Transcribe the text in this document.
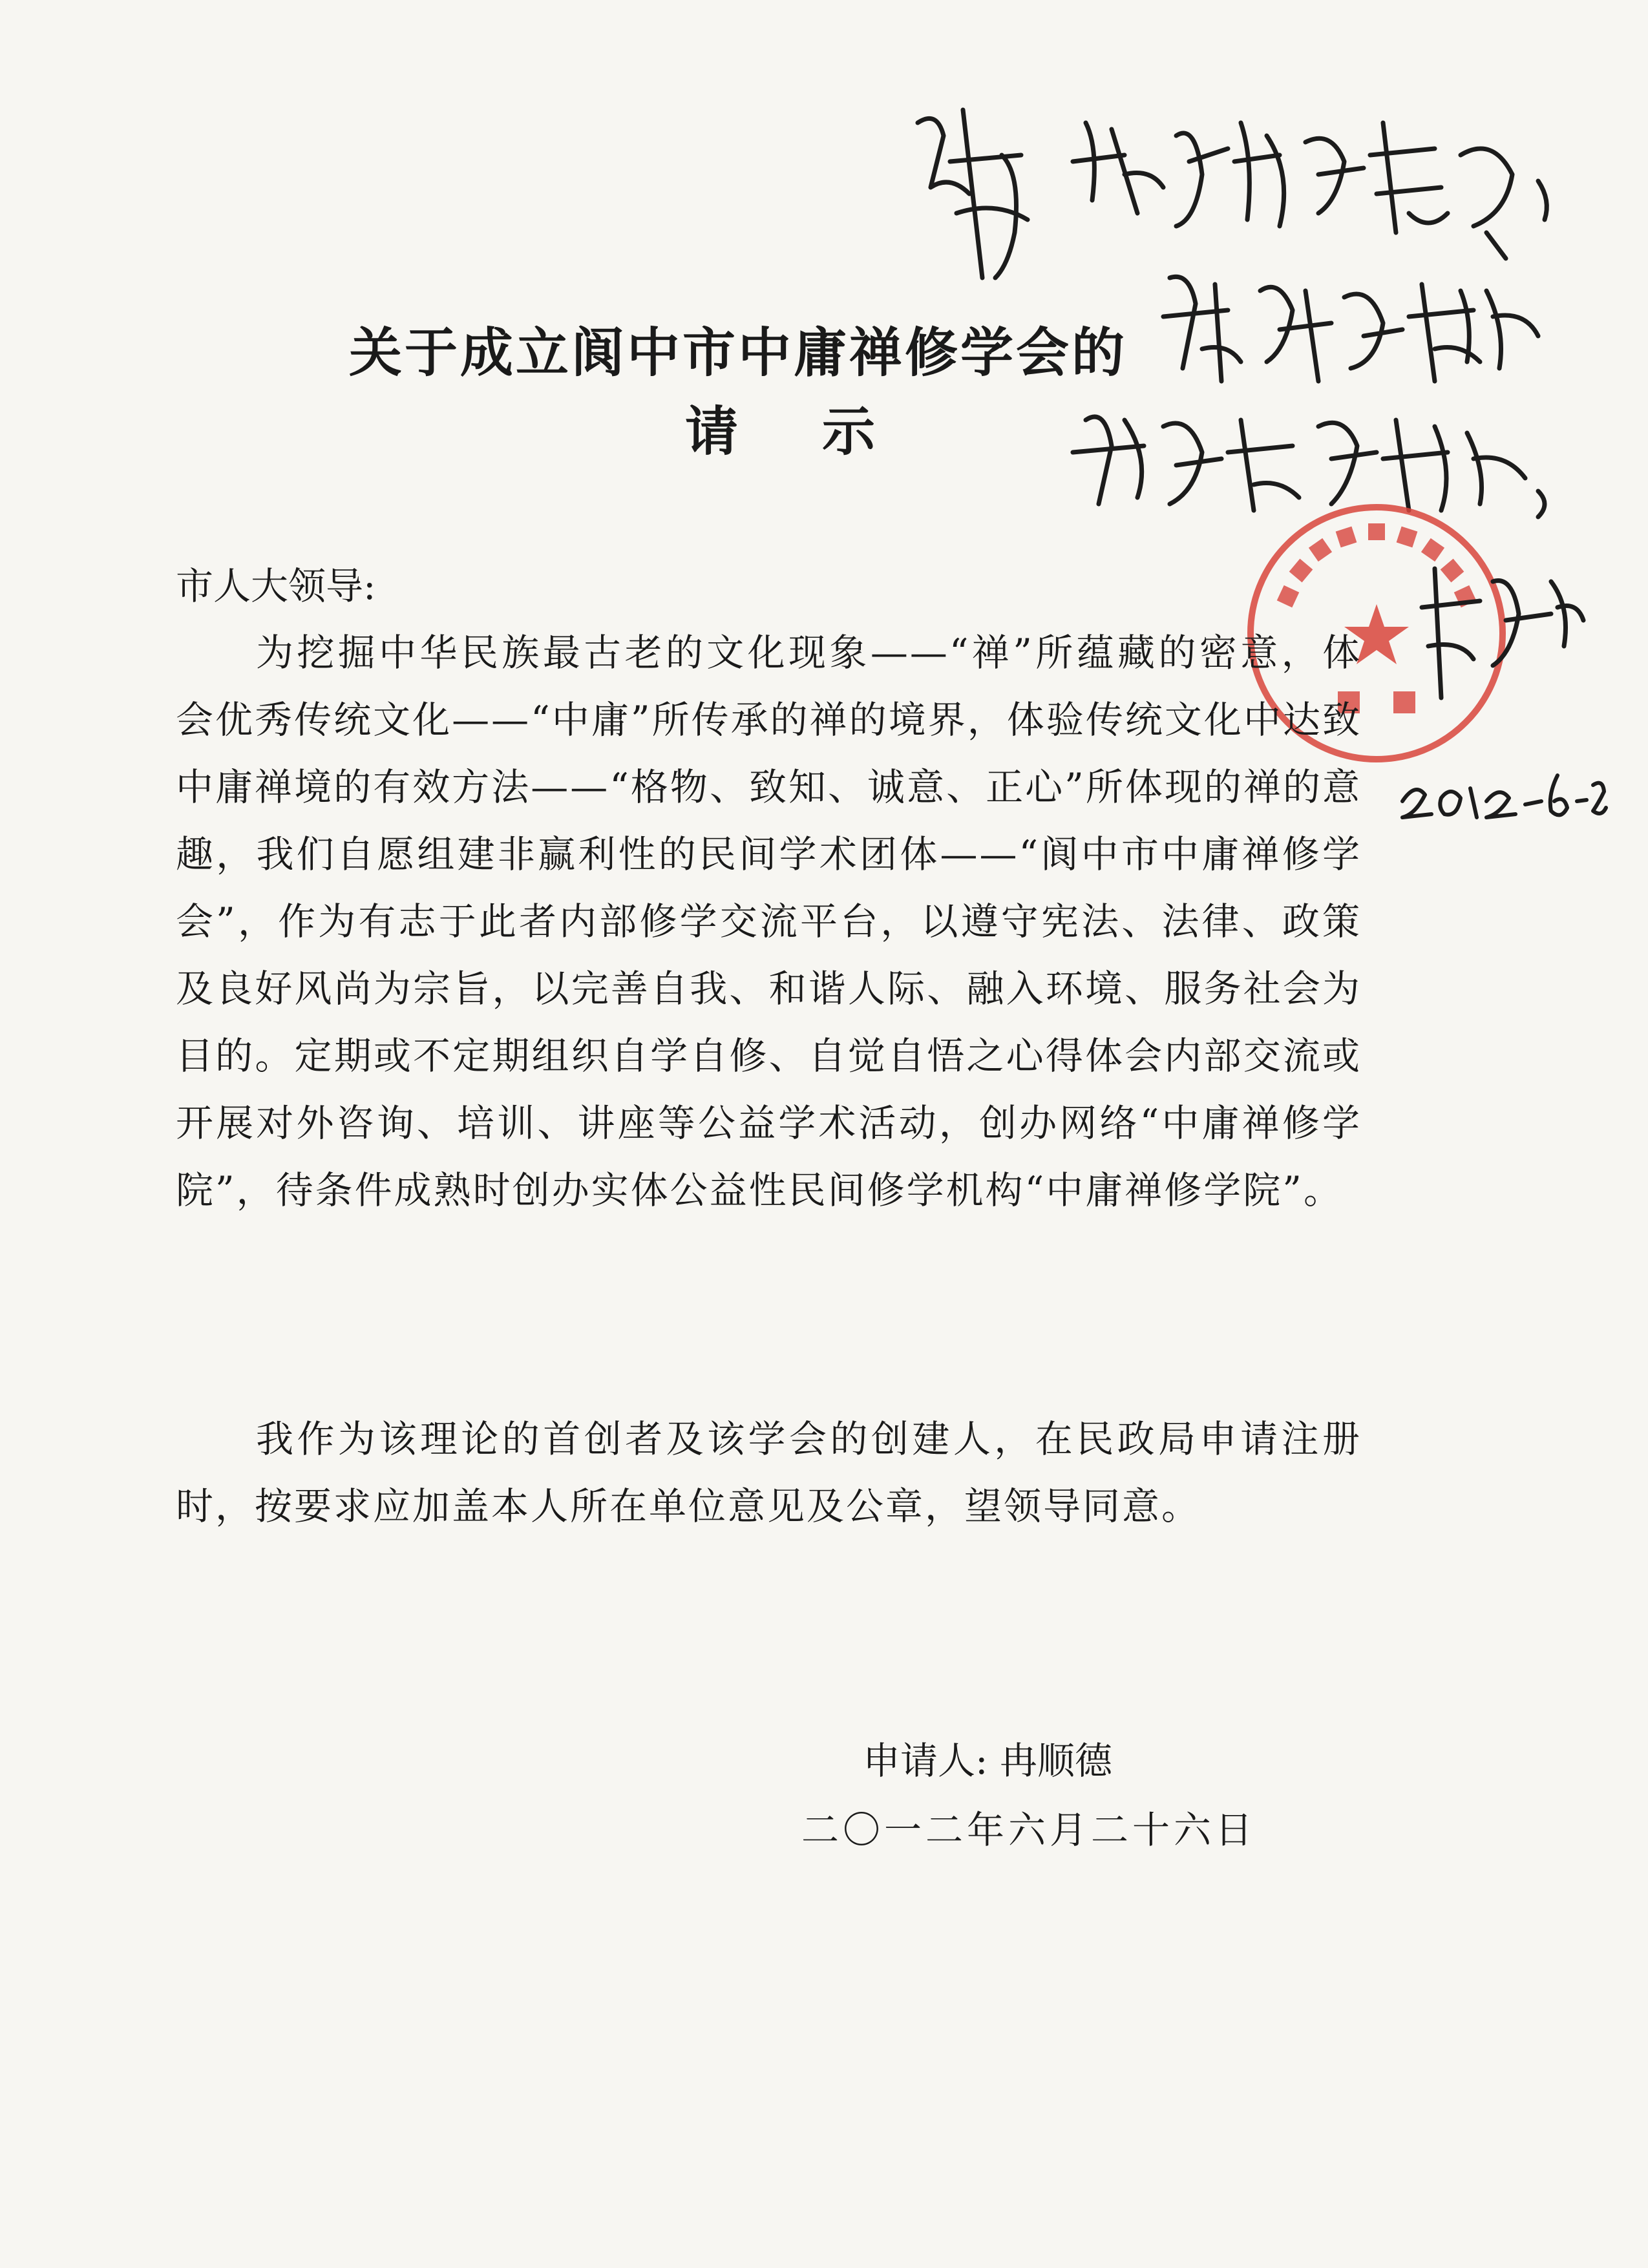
关于成立阆中市中庸禅修学会的
请示
市人大领导:
为挖掘中华民族最古老的文化现象——“禅”所蕴藏的密意，体会优秀传统文化——“中庸”所传承的禅的境界，体验传统文化中达致中庸禅境的有效方法——“格物、致知、诚意、正心”所体现的禅的意趣，我们自愿组建非赢利性的民间学术团体——“阆中市中庸禅修学会”，作为有志于此者内部修学交流平台，以遵守宪法、法律、政策及良好风尚为宗旨，以完善自我、和谐人际、融入环境、服务社会为目的。定期或不定期组织自学自修、自觉自悟之心得体会内部交流或开展对外咨询、培训、讲座等公益学术活动，创办网络“中庸禅修学院”，待条件成熟时创办实体公益性民间修学机构“中庸禅修学院”。
我作为该理论的首创者及该学会的创建人，在民政局申请注册时，按要求应加盖本人所在单位意见及公章，望领导同意。
申请人: 冉顺德
二〇一二年六月二十六日
